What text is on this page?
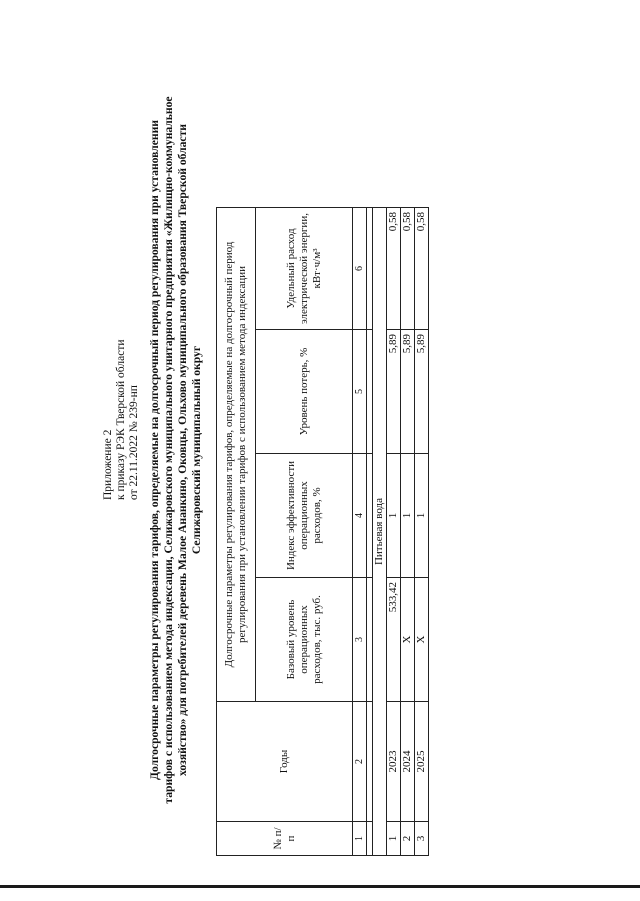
Приложение 2 к приказу РЭК Тверской области от 22.11.2022 № 239-нп Долгосрочные параметры регулирования тарифов, определяемые на долгосрочный период регулирования при установлении тарифов с использованием метода индексации, Селижаровского муниципального унитарного предприятия «Жилищно-коммунальное хозяйство» для потребителей деревень Малое Ананкино, Оковцы, Ольхово муниципального образования Тверской области Селижаровский муниципальный округ
№ п/п	Годы	Долгосрочные параметры регулирования тарифов, определяемые на долгосрочный период регулирования при установлении тарифов с использованием метода индексации			
		Базовый уровень операционных расходов, тыс. руб.	Индекс эффективности операционных расходов, %	Уровень потерь, %	Удельный расход электрической энергии, кВт·ч/м³
1	2	3	4	5	6

Питьевая вода					
1	2023	533,42	1	5,89	0,58
2	2024	X	1	5,89	0,58
3	2025	X	1	5,89	0,58
